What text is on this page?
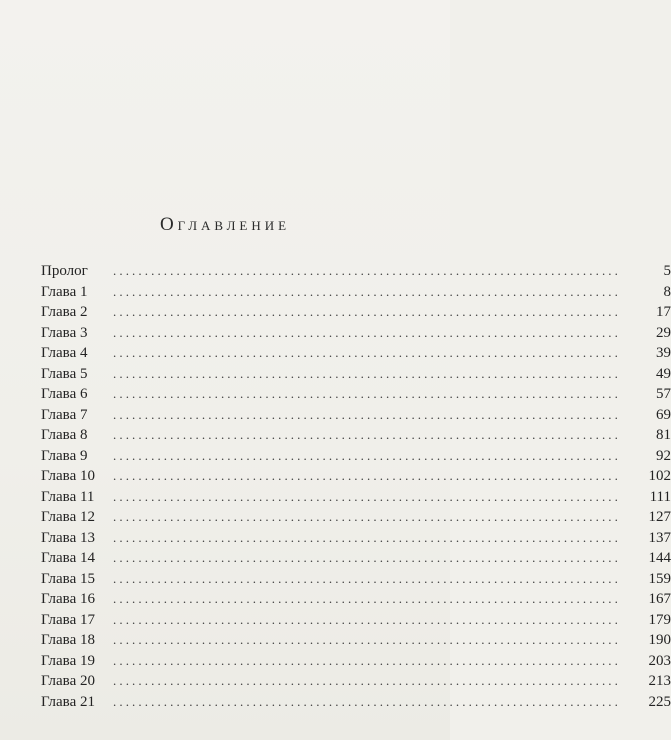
Оглавление
Пролог	................................................................................	5
Глава 1	................................................................................	8
Глава 2	................................................................................	17
Глава 3	................................................................................	29
Глава 4	................................................................................	39
Глава 5	................................................................................	49
Глава 6	................................................................................	57
Глава 7	................................................................................	69
Глава 8	................................................................................	81
Глава 9	................................................................................	92
Глава 10	................................................................................	102
Глава 11	................................................................................	111
Глава 12	................................................................................	127
Глава 13	................................................................................	137
Глава 14	................................................................................	144
Глава 15	................................................................................	159
Глава 16	................................................................................	167
Глава 17	................................................................................	179
Глава 18	................................................................................	190
Глава 19	................................................................................	203
Глава 20	................................................................................	213
Глава 21	................................................................................	225
